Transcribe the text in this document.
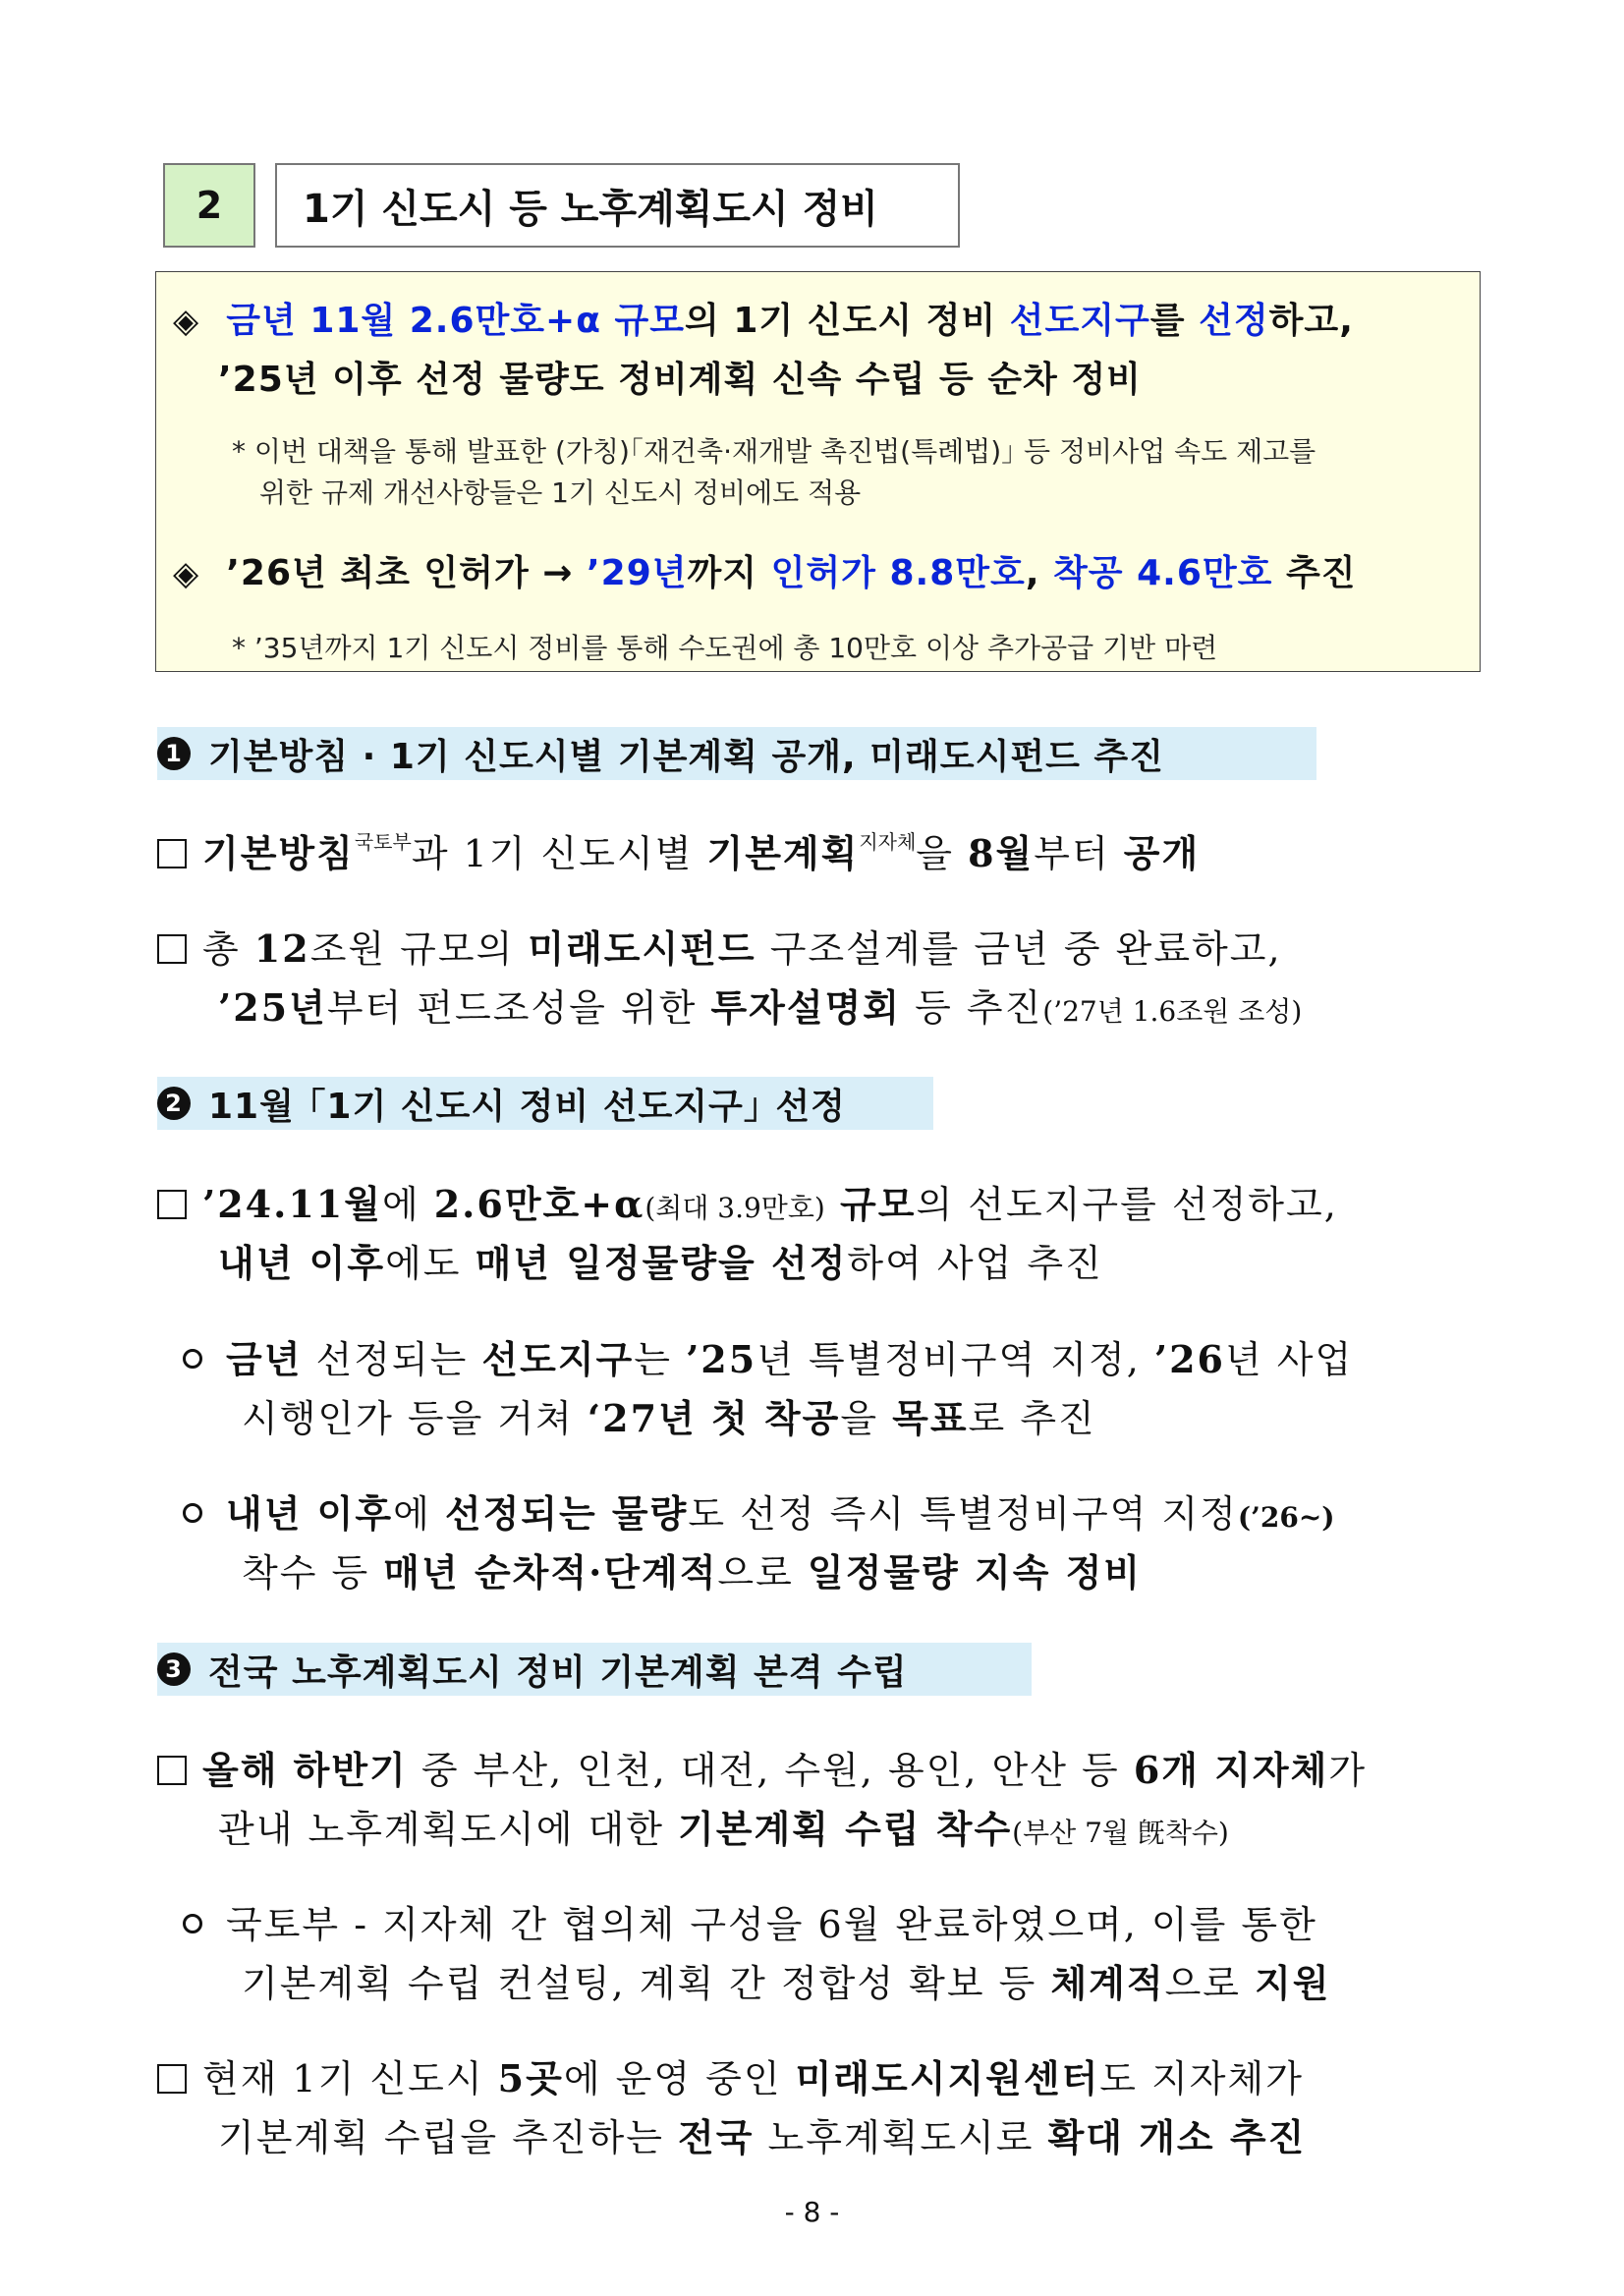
2	1기 신도시 등 노후계획도시 정비
◈ 금년 11월 2.6만호+α 규모의 1기 신도시 정비 선도지구를 선정하고,
’25년 이후 선정 물량도 정비계획 신속 수립 등 순차 정비
* 이번 대책을 통해 발표한 (가칭)｢재건축·재개발 촉진법(특례법)｣ 등 정비사업 속도 제고를
위한 규제 개선사항들은 1기 신도시 정비에도 적용
◈ ’26년 최초 인허가 → ’29년까지 인허가 8.8만호, 착공 4.6만호 추진
* ’35년까지 1기 신도시 정비를 통해 수도권에 총 10만호 이상 추가공급 기반 마련
1 기본방침 · 1기 신도시별 기본계획 공개, 미래도시펀드 추진
기본방침$^{국토부}$과 1기 신도시별 기본계획$^{지자체}$을 8월부터 공개
총 12조원 규모의 미래도시펀드 구조설계를 금년 중 완료하고,
’25년부터 펀드조성을 위한 투자설명회 등 추진(’27년 1.6조원 조성)
2 11월 ｢1기 신도시 정비 선도지구｣ 선정
’24.11월에 2.6만호+α(최대 3.9만호) 규모의 선도지구를 선정하고,
내년 이후에도 매년 일정물량을 선정하여 사업 추진
금년 선정되는 선도지구는 ’25년 특별정비구역 지정, ’26년 사업
시행인가 등을 거쳐 ‘27년 첫 착공을 목표로 추진
내년 이후에 선정되는 물량도 선정 즉시 특별정비구역 지정(’26~)
착수 등 매년 순차적·단계적으로 일정물량 지속 정비
3 전국 노후계획도시 정비 기본계획 본격 수립
올해 하반기 중 부산, 인천, 대전, 수원, 용인, 안산 등 6개 지자체가
관내 노후계획도시에 대한 기본계획 수립 착수(부산 7월 旣착수)
국토부 - 지자체 간 협의체 구성을 6월 완료하였으며, 이를 통한
기본계획 수립 컨설팅, 계획 간 정합성 확보 등 체계적으로 지원
현재 1기 신도시 5곳에 운영 중인 미래도시지원센터도 지자체가
기본계획 수립을 추진하는 전국 노후계획도시로 확대 개소 추진
- 8 -
